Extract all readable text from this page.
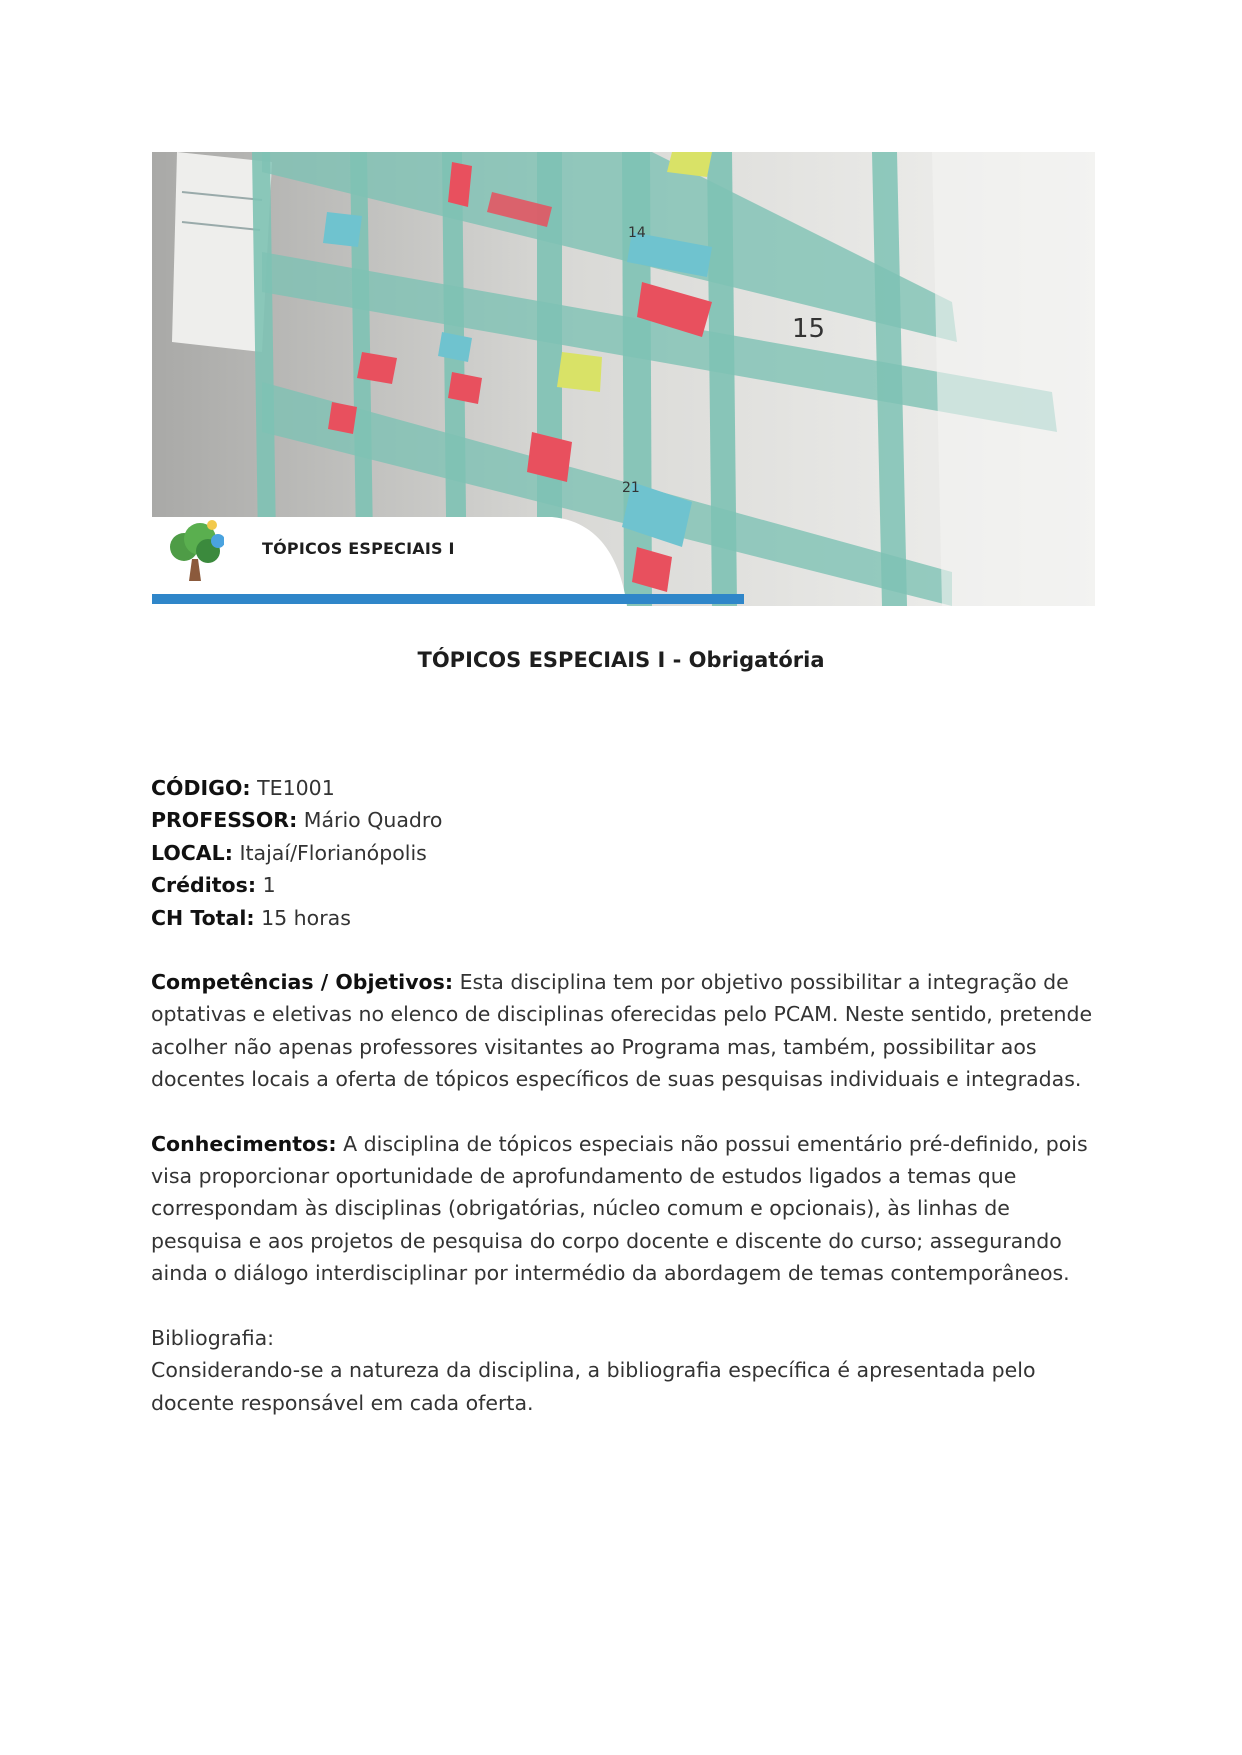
15
14
21
TÓPICOS ESPECIAIS I
TÓPICOS ESPECIAIS I - Obrigatória

CÓDIGO: TE1001

PROFESSOR: Mário Quadro

LOCAL: Itajaí/Florianópolis

Créditos: 1

CH Total: 15 horas

Competências / Objetivos: Esta disciplina tem por objetivo possibilitar a integração de optativas e eletivas no elenco de disciplinas oferecidas pelo PCAM. Neste sentido, pretende acolher não apenas professores visitantes ao Programa mas, também, possibilitar aos docentes locais a oferta de tópicos específicos de suas pesquisas individuais e integradas.

Conhecimentos: A disciplina de tópicos especiais não possui ementário pré-definido, pois visa proporcionar oportunidade de aprofundamento de estudos ligados a temas que correspondam às disciplinas (obrigatórias, núcleo comum e opcionais), às linhas de pesquisa e aos projetos de pesquisa do corpo docente e discente do curso; assegurando ainda o diálogo interdisciplinar por intermédio da abordagem de temas contemporâneos.

Bibliografia:

Considerando-se a natureza da disciplina, a bibliografia específica é apresentada pelo docente responsável em cada oferta.
